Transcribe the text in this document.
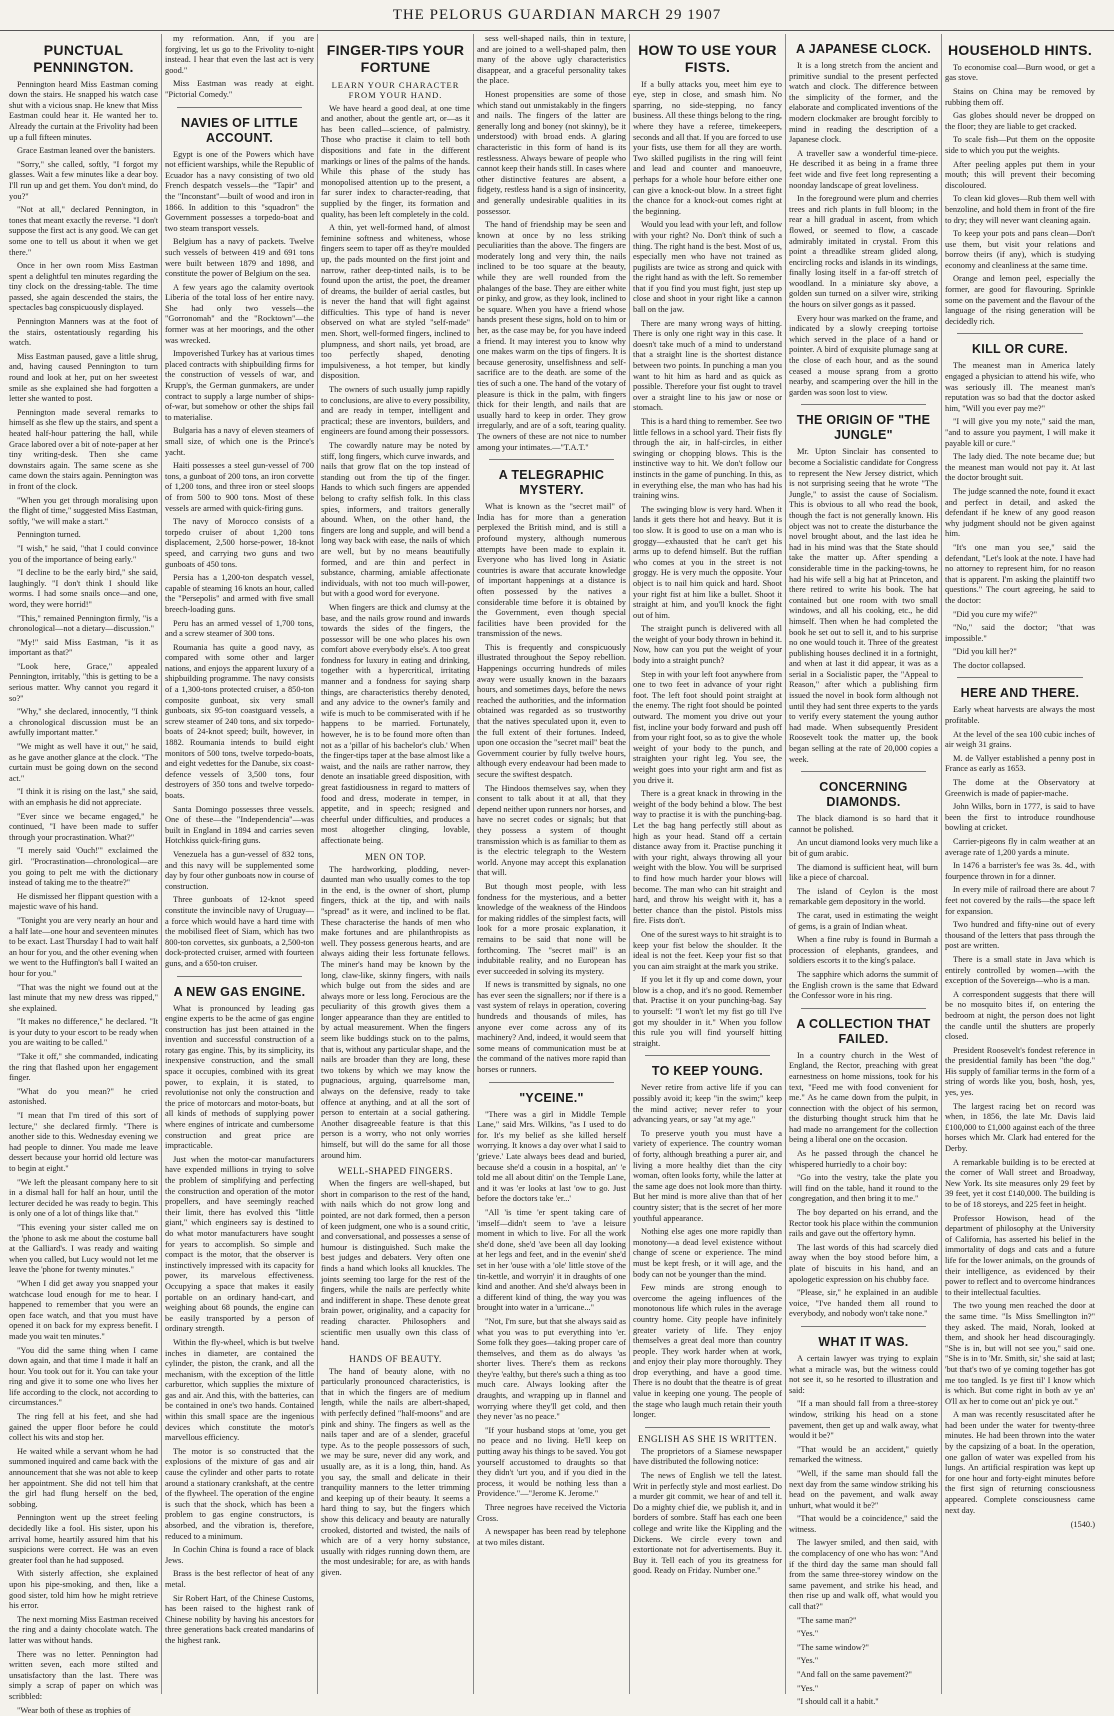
THE PELORUS GUARDIAN MARCH 29 1907
PUNCTUAL PENNINGTON.

Pennington heard Miss Eastman coming down the stairs. He snapped his watch case shut with a vicious snap. He knew that Miss Eastman could hear it. He wanted her to. Already the curtain at the Frivolity had been up a full fifteen minutes.

Grace Eastman leaned over the banisters.

"Sorry," she called, softly, "I forgot my glasses. Wait a few minutes like a dear boy. I'll run up and get them. You don't mind, do you?"

"Not at all," declared Pennington, in tones that meant exactly the reverse. "I don't suppose the first act is any good. We can get some one to tell us about it when we get there."

Once in her own room Miss Eastman spent a delightful ten minutes regarding the tiny clock on the dressing-table. The time passed, she again descended the stairs, the spectacles bag conspicuously displayed.

Pennington Manners was at the foot of the stairs, ostentatiously regarding his watch.

Miss Eastman paused, gave a little shrug, and, having caused Pennington to turn round and look at her, put on her sweetest smile as she explained she had forgotten a letter she wanted to post.

Pennington made several remarks to himself as she flew up the stairs, and spent a heated half-hour pattering the hall, while Grace labored over a bit of note-paper at her tiny writing-desk. Then she came downstairs again. The same scene as she came down the stairs again. Pennington was in front of the clock.

"When you get through moralising upon the flight of time," suggested Miss Eastman, softly, "we will make a start."

Pennington turned.

"I wish," he said, "that I could convince you of the importance of being early."

"I decline to be the early bird," she said, laughingly. "I don't think I should like worms. I had some snails once—and one, word, they were horrid!"

"This," remained Pennington firmly, "is a chronological—not a dietary—discussion."

"My!" said Miss Eastman, "is it as important as that?"

"Look here, Grace," appealed Pennington, irritably, "this is getting to be a serious matter. Why cannot you regard it so?"

"Why," she declared, innocently, "I think a chronological discussion must be an awfully important matter."

"We might as well have it out," he said, as he gave another glance at the clock. "The curtain must be going down on the second act."

"I think it is rising on the last," she said, with an emphasis he did not appreciate.

"Ever since we became engaged," he continued, "I have been made to suffer through your procrastination. What?"

"I merely said 'Ouch!'" exclaimed the girl. "Procrastination—chronological—are you going to pelt me with the dictionary instead of taking me to the theatre?"

He dismissed her flippant question with a majestic wave of his hand.

"Tonight you are very nearly an hour and a half late—one hour and seventeen minutes to be exact. Last Thursday I had to wait half an hour for you, and the other evening when we went to the Huffington's ball I waited an hour for you."

"That was the night we found out at the last minute that my new dress was ripped," she explained.

"It makes no difference," he declared. "It is your duty to your escort to be ready when you are waiting to be called."

"Take it off," she commanded, indicating the ring that flashed upon her engagement finger.

"What do you mean?" he cried astonished.

"I mean that I'm tired of this sort of lecture," she declared firmly. "There is another side to this. Wednesday evening we had people to dinner. You made me leave dessert because your horrid old lecture was to begin at eight."

"We left the pleasant company here to sit in a dismal hall for half an hour, until the lecturer decided he was ready to begin. This is only one of a lot of things like that."

"This evening your sister called me on the 'phone to ask me about the costume ball at the Galliard's. I was ready and waiting when you called, but Lucy would not let me leave the 'phone for twenty minutes."

"When I did get away you snapped your watchcase loud enough for me to hear. I happened to remember that you were an open face watch, and that you must have opened it on back for my express benefit. I made you wait ten minutes."

"You did the same thing when I came down again, and that time I made it half an hour. You took out for it. You can take your ring and give it to some one who lives her life according to the clock, not according to circumstances."

The ring fell at his feet, and she had gained the upper floor before he could collect his wits and stop her.

He waited while a servant whom he had summoned inquired and came back with the announcement that she was not able to keep her appointment. She did not tell him that the girl had flung herself on the bed, sobbing.

Pennington went up the street feeling decidedly like a fool. His sister, upon his arrival home, heartily assured him that his suspicions were correct. He was an even greater fool than he had supposed.

With sisterly affection, she explained upon his pipe-smoking, and then, like a good sister, told him how he might retrieve his error.

The next morning Miss Eastman received the ring and a dainty chocolate watch. The latter was without hands.

There was no letter. Pennington had written seven, each more stilted and unsatisfactory than the last. There was simply a scrap of paper on which was scribbled:

"Wear both of these as trophies of

my reformation. Ann, if you are forgiving, let us go to the Frivolity to-night instead. I hear that even the last act is very good."

Miss Eastman was ready at eight. "Pictorial Comedy."

NAVIES OF LITTLE ACCOUNT.

Egypt is one of the Powers which have not efficient warships, while the Republic of Ecuador has a navy consisting of two old French despatch vessels—the "Tapir" and the "Inconstant"—built of wood and iron in 1866. In addition to this "squadron" the Government possesses a torpedo-boat and two steam transport vessels.

Belgium has a navy of packets. Twelve such vessels of between 419 and 691 tons were built between 1879 and 1898, and constitute the power of Belgium on the sea.

A few years ago the calamity overtook Liberia of the total loss of her entire navy. She had only two vessels—the "Gorronomah" and the "Rocktown"—the former was at her moorings, and the other was wrecked.

Impoverished Turkey has at various times placed contracts with shipbuilding firms for the construction of vessels of war, and Krupp's, the German gunmakers, are under contract to supply a large number of ships-of-war, but somehow or other the ships fail to materialise.

Bulgaria has a navy of eleven steamers of small size, of which one is the Prince's yacht.

Haiti possesses a steel gun-vessel of 700 tons, a gunboat of 200 tons, an iron corvette of 1,200 tons, and three iron or steel sloops of from 500 to 900 tons. Most of these vessels are armed with quick-firing guns.

The navy of Morocco consists of a torpedo cruiser of about 1,200 tons displacement, 2,500 horse-power, 18-knot speed, and carrying two guns and two gunboats of 450 tons.

Persia has a 1,200-ton despatch vessel, capable of steaming 16 knots an hour, called the "Persepolis" and armed with five small breech-loading guns.

Peru has an armed vessel of 1,700 tons, and a screw steamer of 300 tons.

Roumania has quite a good navy, as compared with some other and larger nations, and enjoys the apparent luxury of a shipbuilding programme. The navy consists of a 1,300-tons protected cruiser, a 850-ton composite gunboat, six very small gunboats, six 95-ton coastguard vessels, a screw steamer of 240 tons, and six torpedo-boats of 24-knot speed; built, however, in 1882. Roumania intends to build eight monitors of 500 tons, twelve torpedo-boats, and eight vedettes for the Danube, six coast-defence vessels of 3,500 tons, four destroyers of 350 tons and twelve torpedo-boats.

Santa Domingo possesses three vessels. One of these—the "Independencia"—was built in England in 1894 and carries seven Hotchkiss quick-firing guns.

Venezuela has a gun-vessel of 832 tons, and this navy will be supplemented some day by four other gunboats now in course of construction.

Three gunboats of 12-knot speed constitute the invincible navy of Uruguay—a force which would have a hard time with the mobilised fleet of Siam, which has two 800-ton corvettes, six gunboats, a 2,500-ton dock-protected cruiser, armed with fourteen guns, and a 650-ton cruiser.

A NEW GAS ENGINE.

What is pronounced by leading gas engine experts to be the acme of gas engine construction has just been attained in the invention and successful construction of a rotary gas engine. This, by its simplicity, its inexpensive construction, and the small space it occupies, combined with its great power, to explain, it is stated, to revolutionise not only the construction and the price of motorcars and motor-boats, but all kinds of methods of supplying power where engines of intricate and cumbersome construction and great price are impracticable.

Just when the motor-car manufacturers have expended millions in trying to solve the problem of simplifying and perfecting the construction and operation of the motor propellers, and have seemingly reached their limit, there has evolved this "little giant," which engineers say is destined to do what motor manufacturers have sought for years to accomplish. So simple and compact is the motor, that the observer is instinctively impressed with its capacity for power, its marvelous effectiveness. Occupying a space that makes it easily portable on an ordinary hand-cart, and weighing about 68 pounds, the engine can be easily transported by a person of ordinary strength.

Within the fly-wheel, which is but twelve inches in diameter, are contained the cylinder, the piston, the crank, and all the mechanism, with the exception of the little carburettor, which supplies the mixture of gas and air. And this, with the batteries, can be contained in one's two hands. Contained within this small space are the ingenious devices which constitute the motor's marvellous efficiency.

The motor is so constructed that the explosions of the mixture of gas and air cause the cylinder and other parts to rotate around a stationary crankshaft, at the centre of the flywheel. The operation of the engine is such that the shock, which has been a problem to gas engine constructors, is absorbed, and the vibration is, therefore, reduced to a minimum.

In Cochin China is found a race of black Jews.

Brass is the best reflector of heat of any metal.

Sir Robert Hart, of the Chinese Customs, has been raised to the highest rank of Chinese nobility by having his ancestors for three generations back created mandarins of the highest rank.

FINGER-TIPS YOUR FORTUNE
LEARN YOUR CHARACTER FROM YOUR HAND.

We have heard a good deal, at one time and another, about the gentle art, or—as it has been called—science, of palmistry. Those who practise it claim to tell both dispositions and fate in the different markings or lines of the palms of the hands. While this phase of the study has monopolised attention up to the present, a far surer index to character-reading, that supplied by the finger, its formation and quality, has been left completely in the cold.

A thin, yet well-formed hand, of almost feminine softness and whiteness, whose fingers seem to taper off as they're moulded up, the pads mounted on the first joint and narrow, rather deep-tinted nails, is to be found upon the artist, the poet, the dreamer of dreams, the builder of aerial castles, but is never the hand that will fight against difficulties. This type of hand is never observed on what are styled "self-made" men. Short, well-formed fingers, inclined to plumpness, and short nails, yet broad, are too perfectly shaped, denoting impulsiveness, a hot temper, but kindly disposition.

The owners of such usually jump rapidly to conclusions, are alive to every possibility, and are ready in temper, intelligent and practical; these are inventors, builders, and engineers are found among their possessors.

The cowardly nature may be noted by stiff, long fingers, which curve inwards, and nails that grow flat on the top instead of standing out from the tip of the finger. Hands to which such fingers are appended belong to crafty selfish folk. In this class spies, informers, and traitors generally abound. When, on the other hand, the fingers are long and supple, and will bend a long way back with ease, the nails of which are well, but by no means beautifully formed, and are thin and perfect in substance, charming, amiable affectionate individuals, with not too much will-power, but with a good word for everyone.

When fingers are thick and clumsy at the base, and the nails grow round and inwards towards the sides of the fingers, the possessor will be one who places his own comfort above everybody else's. A too great fondness for luxury in eating and drinking, together with a hypercritical, irritating manner and a fondness for saying sharp things, are characteristics thereby denoted, and any advice to the owner's family and wife is much to be commiserated with if he happens to be married. Fortunately, however, he is to be found more often than not as a 'pillar of his bachelor's club.' When the finger-tips taper at the base almost like a waist, and the nails are rather narrow, they denote an insatiable greed disposition, with great fastidiousness in regard to matters of food and dress, moderate in temper, in appetite, and in speech; resigned and cheerful under difficulties, and produces a most altogether clinging, lovable, affectionate being.

MEN ON TOP.

The hardworking, plodding, never-daunted man who usually comes to the top in the end, is the owner of short, plump fingers, thick at the tip, and with nails "spread" as it were, and inclined to be flat. These characterise the hands of men who make fortunes and are philanthropists as well. They possess generous hearts, and are always aiding their less fortunate fellows. The miner's hand may be known by the long, claw-like, skinny fingers, with nails which bulge out from the sides and are always more or less long. Ferocious are the peculiarity of this growth gives them a longer appearance than they are entitled to by actual measurement. When the fingers seem like buddings stuck on to the palms, that is, without any particular shape, and the nails are broader than they are long, these two tokens by which we may know the pugnacious, arguing, quarrelsome man, always on the defensive, ready to take offence at anything, and at all the sort of person to entertain at a social gathering. Another disagreeable feature is that this person is a worry, who not only worries himself, but will do the same for all those around him.

WELL-SHAPED FINGERS.

When the fingers are well-shaped, but short in comparison to the rest of the hand, with nails which do not grow long and pointed, are not dark formed, then a person of keen judgment, one who is a sound critic, and conversational, and possesses a sense of humour is distinguished. Such make the best judges and debaters. Very often one finds a hand which looks all knuckles. The joints seeming too large for the rest of the fingers, while the nails are perfectly white and indifferent in shape. These denote great brain power, originality, and a capacity for reading character. Philosophers and scientific men usually own this class of hand.

HANDS OF BEAUTY.

The hand of beauty alone, with no particularly pronounced characteristics, is that in which the fingers are of medium length, while the nails are albert-shaped, with perfectly defined "half-moons" and are pink and shiny. The fingers as well as the nails taper and are of a slender, graceful type. As to the people possessors of such, we may be sure, never did any work, and usually are, as it is a long, thin, hand. As you say, the small and delicate in their tranquility manners to the letter trimming and keeping up of their beauty. It seems a hard thing to say, but the fingers which show this delicacy and beauty are naturally crooked, distorted and twisted, the nails of which are of a very horny substance, usually with ridges running down them, are the most undesirable; for are, as with hands given.

sess well-shaped nails, thin in texture, and are joined to a well-shaped palm, then many of the above ugly characteristics disappear, and a graceful personality takes the place.

Honest propensities are some of those which stand out unmistakably in the fingers and nails. The fingers of the latter are generally long and boney (not skinny), be it understood) with broad ends. A glaring characteristic in this form of hand is its restlessness. Always beware of people who cannot keep their hands still. In cases where other distinctive features are absent, a fidgety, restless hand is a sign of insincerity, and generally undesirable qualities in its possessor.

The hand of friendship may be seen and known at once by no less striking peculiarities than the above. The fingers are moderately long and very thin, the nails inclined to be too square at the beauty, while they are well rounded from the phalanges of the base. They are either white or pinky, and grow, as they look, inclined to be square. When you have a friend whose hands present these signs, hold on to him or her, as the case may be, for you have indeed a friend. It may interest you to know why one makes warm on the tips of fingers. It is because generosity, unselfishness and self-sacrifice are to the death. are some of the ties of such a one. The hand of the votary of pleasure is thick in the palm, with fingers thick for their length, and nails that are usually hard to keep in order. They grow irregularly, and are of a soft, tearing quality. The owners of these are not nice to number among your intimates.—"T.A.T."

A TELEGRAPHIC MYSTERY.

What is known as the "secret mail" of India has for more than a generation perplexed the British mind, and is still a profound mystery, although numerous attempts have been made to explain it. Everyone who has lived long in Asiatic countries is aware that accurate knowledge of important happenings at a distance is often possessed by the natives a considerable time before it is obtained by the Government, even though special facilities have been provided for the transmission of the news.

This is frequently and conspicuously illustrated throughout the Sepoy rebellion. Happenings occurring hundreds of miles away were usually known in the bazaars hours, and sometimes days, before the news reached the authorities, and the information obtained was regarded as so trustworthy that the natives speculated upon it, even to the full extent of their fortunes. Indeed, upon one occasion the "secret mail" beat the Government courier by fully twelve hours, although every endeavour had been made to secure the swiftest despatch.

The Hindoos themselves say, when they consent to talk about it at all, that they depend neither upon runners nor horses, and have no secret codes or signals; but that they possess a system of thought transmission which is as familiar to them as is the electric telegraph to the Western world. Anyone may accept this explanation that will.

But though most people, with less fondness for the mysterious, and a better knowledge of the weakness of the Hindoos for making riddles of the simplest facts, will look for a more prosaic explanation, it remains to be said that none will be forthcoming. The "secret mail" is an indubitable reality, and no European has ever succeeded in solving its mystery.

If news is transmitted by signals, no one has ever seen the signallers; nor if there is a vast system of relays in operation, covering hundreds and thousands of miles, has anyone ever come across any of its machinery? And, indeed, it would seem that some means of communication must be at the command of the natives more rapid than horses or runners.

"YCEINE."

"There was a girl in Middle Temple Lane," said Mrs. Wilkins, "as I used to do for. It's my belief as she killed herself worrying. It knows a day over what I said to 'grieve.' Late always bees dead and buried, because she'd a cousin in a hospital, an' 'e told me all about ditin' on the Temple Lane, and it was 'er looks at last 'ow to go. Just before the doctors take 'er...'

"All 'is time 'er spent taking care of 'imself—didn't seem to 'ave a leisure moment in which to live. For all the work she'd done, she'd 'ave been all day looking at her legs and feet, and in the evenin' she'd set in her 'ouse with a 'ole' little stove of the tin-kettle, and worryin' it in draughts of one kind and another. And she'd always been in a different kind of thing, the way you was brought into water in a 'urricane..."

"Not, I'm sure, but that she always said as what you was to put everything into 'er. Some folk they goes—taking proper care of themselves, and them as do always 'as shorter lives. There's them as reckons they're 'ealthy, but there's such a thing as too much care. Always looking after the draughts, and wrapping up in flannel and worrying where they'll get cold, and then they never 'as no peace."

"If your husband stops at 'ome, you get no peace and no living. He'll keep on putting away his things to be saved. You got yourself accustomed to draughts so that they didn't 'urt you, and if you died in the process, it would be nothing less than a Providence."—"Jerome K. Jerome."

Three negroes have received the Victoria Cross.

A newspaper has been read by telephone at two miles distant.

HOW TO USE YOUR FISTS.

If a bully attacks you, meet him eye to eye, step in close, and smash him. No sparring, no side-stepping, no fancy business. All these things belong to the ring, where they have a referee, timekeepers, seconds and all that. If you are forced to use your fists, use them for all they are worth. Two skilled pugilists in the ring will feint and lead and counter and manoeuvre, perhaps for a whole hour before either one can give a knock-out blow. In a street fight the chance for a knock-out comes right at the beginning.

Would you lead with your left, and follow with your right? No. Don't think of such a thing. The right hand is the best. Most of us, especially men who have not trained as pugilists are twice as strong and quick with the right hand as with the left. So remember that if you find you must fight, just step up close and shoot in your right like a cannon ball on the jaw.

There are many wrong ways of hitting. There is only one right way in this case. It doesn't take much of a mind to understand that a straight line is the shortest distance between two points. In punching a man you want to hit him as hard and as quick as possible. Therefore your fist ought to travel over a straight line to his jaw or nose or stomach.

This is a hard thing to remember. See two little fellows in a school yard. Their fists fly through the air, in half-circles, in either swinging or chopping blows. This is the instinctive way to hit. We don't follow our instincts in the game of punching. In this, as in everything else, the man who has had his training wins.

The swinging blow is very hard. When it lands it gets there hot and heavy. But it is too slow. It is good to use on a man who is groggy—exhausted that he can't get his arms up to defend himself. But the ruffian who comes at you in the street is not groggy. He is very much the opposite. Your object is to nail him quick and hard. Shoot your right fist at him like a bullet. Shoot it straight at him, and you'll knock the fight out of him.

The straight punch is delivered with all the weight of your body thrown in behind it. Now, how can you put the weight of your body into a straight punch?

Step in with your left foot anywhere from one to two feet in advance of your right foot. The left foot should point straight at the enemy. The right foot should be pointed outward. The moment you drive out your fist, incline your body forward and push off from your right foot, so as to give the whole weight of your body to the punch, and straighten your right leg. You see, the weight goes into your right arm and fist as you drive it.

There is a great knack in throwing in the weight of the body behind a blow. The best way to practise it is with the punching-bag. Let the bag hang perfectly still about as high as your head. Stand off a certain distance away from it. Practise punching it with your right, always throwing all your weight with the blow. You will be surprised to find how much harder your blows will become. The man who can hit straight and hard, and throw his weight with it, has a better chance than the pistol. Pistols miss fire. Fists don't.

One of the surest ways to hit straight is to keep your fist below the shoulder. It the ideal is not the feet. Keep your fist so that you can aim straight at the mark you strike.

If you let it fly up and come down, your blow is a chop, and it's no good. Remember that. Practise it on your punching-bag. Say to yourself: "I won't let my fist go till I've got my shoulder in it." When you follow this rule you will find yourself hitting straight.

TO KEEP YOUNG.

Never retire from active life if you can possibly avoid it; keep "in the swim;" keep the mind active; never refer to your advancing years, or say "at my age."

To preserve youth you must have a variety of experience. The country woman of forty, although breathing a purer air, and living a more healthy diet than the city woman, often looks forty, while the latter at the same age does not look more than thirty. But her mind is more alive than that of her country sister; that is the secret of her more youthful appearance.

Nothing else ages one more rapidly than monotony—a dead level existence without change of scene or experience. The mind must be kept fresh, or it will age, and the body can not be younger than the mind.

Few minds are strong enough to overcome the ageing influences of the monotonous life which rules in the average country home. City people have infinitely greater variety of life. They enjoy themselves a great deal more than country people. They work harder when at work, and enjoy their play more thoroughly. They drop everything, and have a good time. There is no doubt that the theatre is of great value in keeping one young. The people of the stage who laugh much retain their youth longer.

ENGLISH AS SHE IS WRITTEN.

The proprietors of a Siamese newspaper have distributed the following notice:

The news of English we tell the latest. Writ in perfectly style and most earliest. Do a murder git commit, we hear of and tell it. Do a mighty chief die, we publish it, and in borders of sombre. Staff has each one been college and write like the Kippling and the Dickens. We circle every town and extortionate not for advertisements. Buy it. Buy it. Tell each of you its greatness for good. Ready on Friday. Number one."

A JAPANESE CLOCK.

It is a long stretch from the ancient and primitive sundial to the present perfected watch and clock. The difference between the simplicity of the former, and the elaborate and complicated inventions of the modern clockmaker are brought forcibly to mind in reading the description of a Japanese clock.

A traveller saw a wonderful time-piece. He described it as being in a frame three feet wide and five feet long representing a noonday landscape of great loveliness.

In the foreground were plum and cherries trees and rich plants in full bloom; in the rear a hill gradual in ascent, from which flowed, or seemed to flow, a cascade admirably imitated in crystal. From this point a threadlike stream glided along, encircling rocks and islands in its windings, finally losing itself in a far-off stretch of woodland. In a miniature sky above, a golden sun turned on a silver wire, striking the hours on silver gongs as it passed.

Every hour was marked on the frame, and indicated by a slowly creeping tortoise which served in the place of a hand or pointer. A bird of exquisite plumage sang at the close of each hour, and as the sound ceased a mouse sprang from a grotto nearby, and scampering over the hill in the garden was soon lost to view.

THE ORIGIN OF "THE JUNGLE"

Mr. Upton Sinclair has consented to become a Socialistic candidate for Congress to represent the New Jersey district, which is not surprising seeing that he wrote "The Jungle," to assist the cause of Socialism. This is obvious to all who read the book, though the fact is not generally known. His object was not to create the disturbance the novel brought about, and the last idea he had in his mind was that the State should take the matter up. After spending a considerable time in the packing-towns, he had his wife sell a big hat at Princeton, and there retired to write his book. The hat contained but one room with two small windows, and all his cooking, etc., he did himself. Then when he had completed the book he set out to sell it, and to his surprise no one would touch it. Three of the greatest publishing houses declined it in a fortnight, and when at last it did appear, it was as a serial in a Socialistic paper, the "Appeal to Reason," after which a publishing firm issued the novel in book form although not until they had sent three experts to the yards to verify every statement the young author had made. When subsequently President Roosevelt took the matter up, the book began selling at the rate of 20,000 copies a week.

CONCERNING DIAMONDS.

The black diamond is so hard that it cannot be polished.

An uncut diamond looks very much like a bit of gum arabic.

The diamond is sufficient heat, will burn like a piece of charcoal.

The island of Ceylon is the most remarkable gem depository in the world.

The carat, used in estimating the weight of gems, is a grain of Indian wheat.

When a fine ruby is found in Burmah a procession of elephants, grandees, and soldiers escorts it to the king's palace.

The sapphire which adorns the summit of the English crown is the same that Edward the Confessor wore in his ring.

A COLLECTION THAT FAILED.

In a country church in the West of England, the Rector, preaching with great earnestness on home missions, took for his text, "Feed me with food convenient for me." As he came down from the pulpit, in connection with the object of his sermon, the disturbing thought struck him that he had made no arrangement for the collection being a liberal one on the occasion.

As he passed through the chancel he whispered hurriedly to a choir boy:

"Go into the vestry, take the plate you will find on the table, hand it round to the congregation, and then bring it to me."

The boy departed on his errand, and the Rector took his place within the communion rails and gave out the offertory hymn.

The last words of this had scarcely died away when the boy stood before him, a plate of biscuits in his hand, and an apologetic expression on his chubby face.

"Please, sir," he explained in an audible voice, "I've handed them all round to everybody, and nobody won't take none."

WHAT IT WAS.

A certain lawyer was trying to explain what a miracle was, but the witness could not see it, so he resorted to illustration and said:

"If a man should fall from a three-storey window, striking his head on a stone pavement, then get up and walk away, what would it be?"

"That would be an accident," quietly remarked the witness.

"Well, if the same man should fall the next day from the same window striking his head on the pavement, and walk away unhurt, what would it be?"

"That would be a coincidence," said the witness.

The lawyer smiled, and then said, with the complacency of one who has won: "And if the third day the same man should fall from the same three-storey window on the same pavement, and strike his head, and then rise up and walk off, what would you call that?"

"The same man?"

"Yes."

"The same window?"

"Yes."

"And fall on the same pavement?"

"Yes."

"I should call it a habit."

HOUSEHOLD HINTS.

To economise coal—Burn wood, or get a gas stove.

Stains on China may be removed by rubbing them off.

Gas globes should never be dropped on the floor; they are liable to get cracked.

To scale fish—Put them on the opposite side to which you put the weights.

After peeling apples put them in your mouth; this will prevent their becoming discoloured.

To clean kid gloves—Rub them well with benzoline, and hold them in front of the fire to dry; they will never want cleaning again.

To keep your pots and pans clean—Don't use them, but visit your relations and borrow theirs (if any), which is studying economy and cleanliness at the same time.

Orange and lemon peel, especially the former, are good for flavouring. Sprinkle some on the pavement and the flavour of the language of the rising generation will be decidedly rich.

KILL OR CURE.

The meanest man in America lately engaged a physician to attend his wife, who was seriously ill. The meanest man's reputation was so bad that the doctor asked him, "Will you ever pay me?"

"I will give you my note," said the man, "and to assure you payment, I will make it payable kill or cure."

The lady died. The note became due; but the meanest man would not pay it. At last the doctor brought suit.

The judge scanned the note, found it exact and perfect in detail, and asked the defendant if he knew of any good reason why judgment should not be given against him.

"It's one man you see," said the defendant, "Let's look at the note. I have had no attorney to represent him, for no reason that is apparent. I'm asking the plaintiff two questions." The court agreeing, he said to the doctor:

"Did you cure my wife?"

"No," said the doctor; "that was impossible."

"Did you kill her?"

The doctor collapsed.

HERE AND THERE.

Early wheat harvests are always the most profitable.

At the level of the sea 100 cubic inches of air weigh 31 grains.

M. de Vallyer established a penny post in France as early as 1653.

The dome at the Observatory at Greenwich is made of papier-mache.

John Wilks, born in 1777, is said to have been the first to introduce roundhouse bowling at cricket.

Carrier-pigeons fly in calm weather at an average rate of 1,200 yards a minute.

In 1476 a barrister's fee was 3s. 4d., with fourpence thrown in for a dinner.

In every mile of railroad there are about 7 feet not covered by the rails—the space left for expansion.

Two hundred and fifty-nine out of every thousand of the letters that pass through the post are written.

There is a small state in Java which is entirely controlled by women—with the exception of the Sovereign—who is a man.

A correspondent suggests that there will be no mosquito bites if, on entering the bedroom at night, the person does not light the candle until the shutters are properly closed.

President Roosevelt's fondest reference in the presidential family has been "the dog." His supply of familiar terms in the form of a string of words like you, bosh, hosh, yes, yes, yes.

The largest racing bet on record was when, in 1856, the late Mr. Davis laid £100,000 to £1,000 against each of the three horses which Mr. Clark had entered for the Derby.

A remarkable building is to be erected at the corner of Wall street and Broadway, New York. Its site measures only 29 feet by 39 feet, yet it cost £140,000. The building is to be of 18 storeys, and 225 feet in height.

Professor Howison, head of the department of philosophy at the University of California, has asserted his belief in the immortality of dogs and cats and a future life for the lower animals, on the grounds of their intelligence, as evidenced by their power to reflect and to overcome hindrances to their intellectual faculties.

The two young men reached the door at the same time. "Is Miss Smellington in?" they asked. The maid, Norah, looked at them, and shook her head discouragingly. "She is in, but will not see you," said one. "She is in to 'Mr. Smith, sir,' she said at last; 'but that's two of ye coming together has got me too tangled. Is ye first til' I know which is which. But come right in both av ye an' O'll ax her to come out an' pick ye out."

A man was recently resuscitated after he had been under the water for twenty-three minutes. He had been thrown into the water by the capsizing of a boat. In the operation, one gallon of water was expelled from his lungs. An artificial respiration was kept up for one hour and forty-eight minutes before the first sign of returning consciousness appeared. Complete consciousness came next day.

(1540.)
